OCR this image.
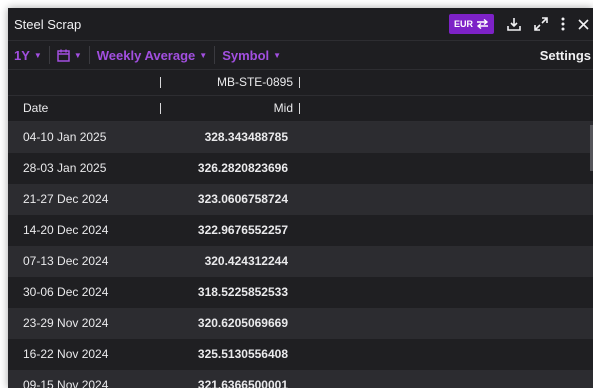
Steel Scrap	EUR
1Y ▼	▼ Weekly Average ▼ Symbol ▼	Settings
MB-STE-0895
Date	Mid
04-10 Jan 2025	328.343488785
28-03 Jan 2025	326.2820823696
21-27 Dec 2024	323.0606758724
14-20 Dec 2024	322.9676552257
07-13 Dec 2024	320.424312244
30-06 Dec 2024	318.5225852533
23-29 Nov 2024	320.6205069669
16-22 Nov 2024	325.5130556408
09-15 Nov 2024	321.6366500001
